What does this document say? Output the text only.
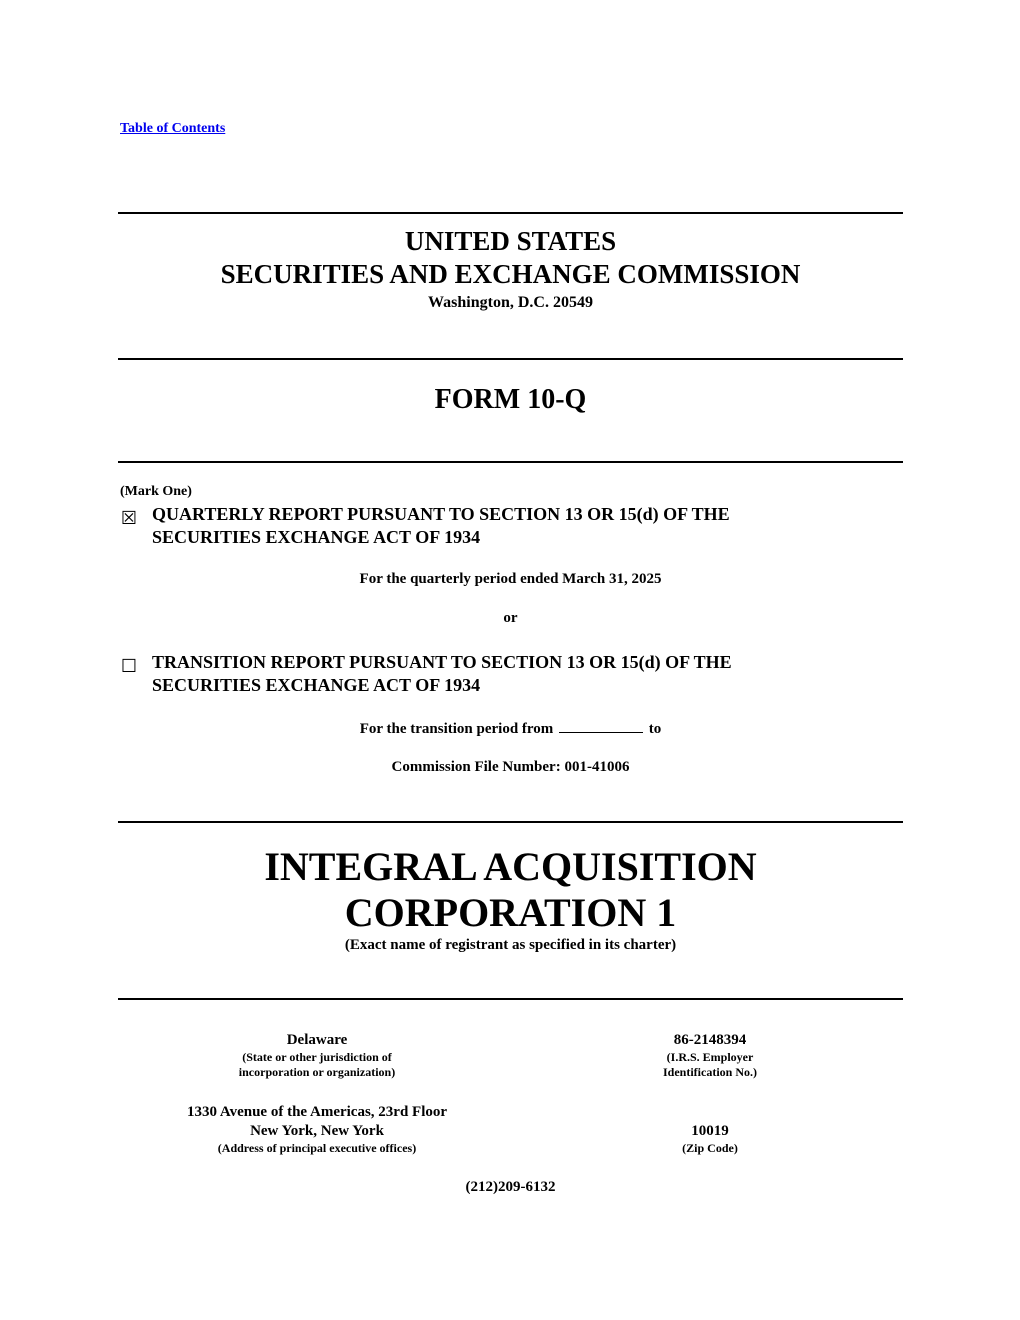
Table of Contents
UNITED STATES
SECURITIES AND EXCHANGE COMMISSION
Washington, D.C. 20549
FORM 10-Q
(Mark One)
☒ QUARTERLY REPORT PURSUANT TO SECTION 13 OR 15(d) OF THE
SECURITIES EXCHANGE ACT OF 1934
For the quarterly period ended March 31, 2025
or
☐ TRANSITION REPORT PURSUANT TO SECTION 13 OR 15(d) OF THE
SECURITIES EXCHANGE ACT OF 1934
For the transition period from	to
Commission File Number: 001-41006
INTEGRAL ACQUISITION
CORPORATION 1
(Exact name of registrant as specified in its charter)
Delaware
(State or other jurisdiction of
incorporation or organization)
86-2148394
(I.R.S. Employer
Identification No.)
1330 Avenue of the Americas, 23rd Floor
New York, New York
(Address of principal executive offices)
10019
(Zip Code)
(212)209-6132
